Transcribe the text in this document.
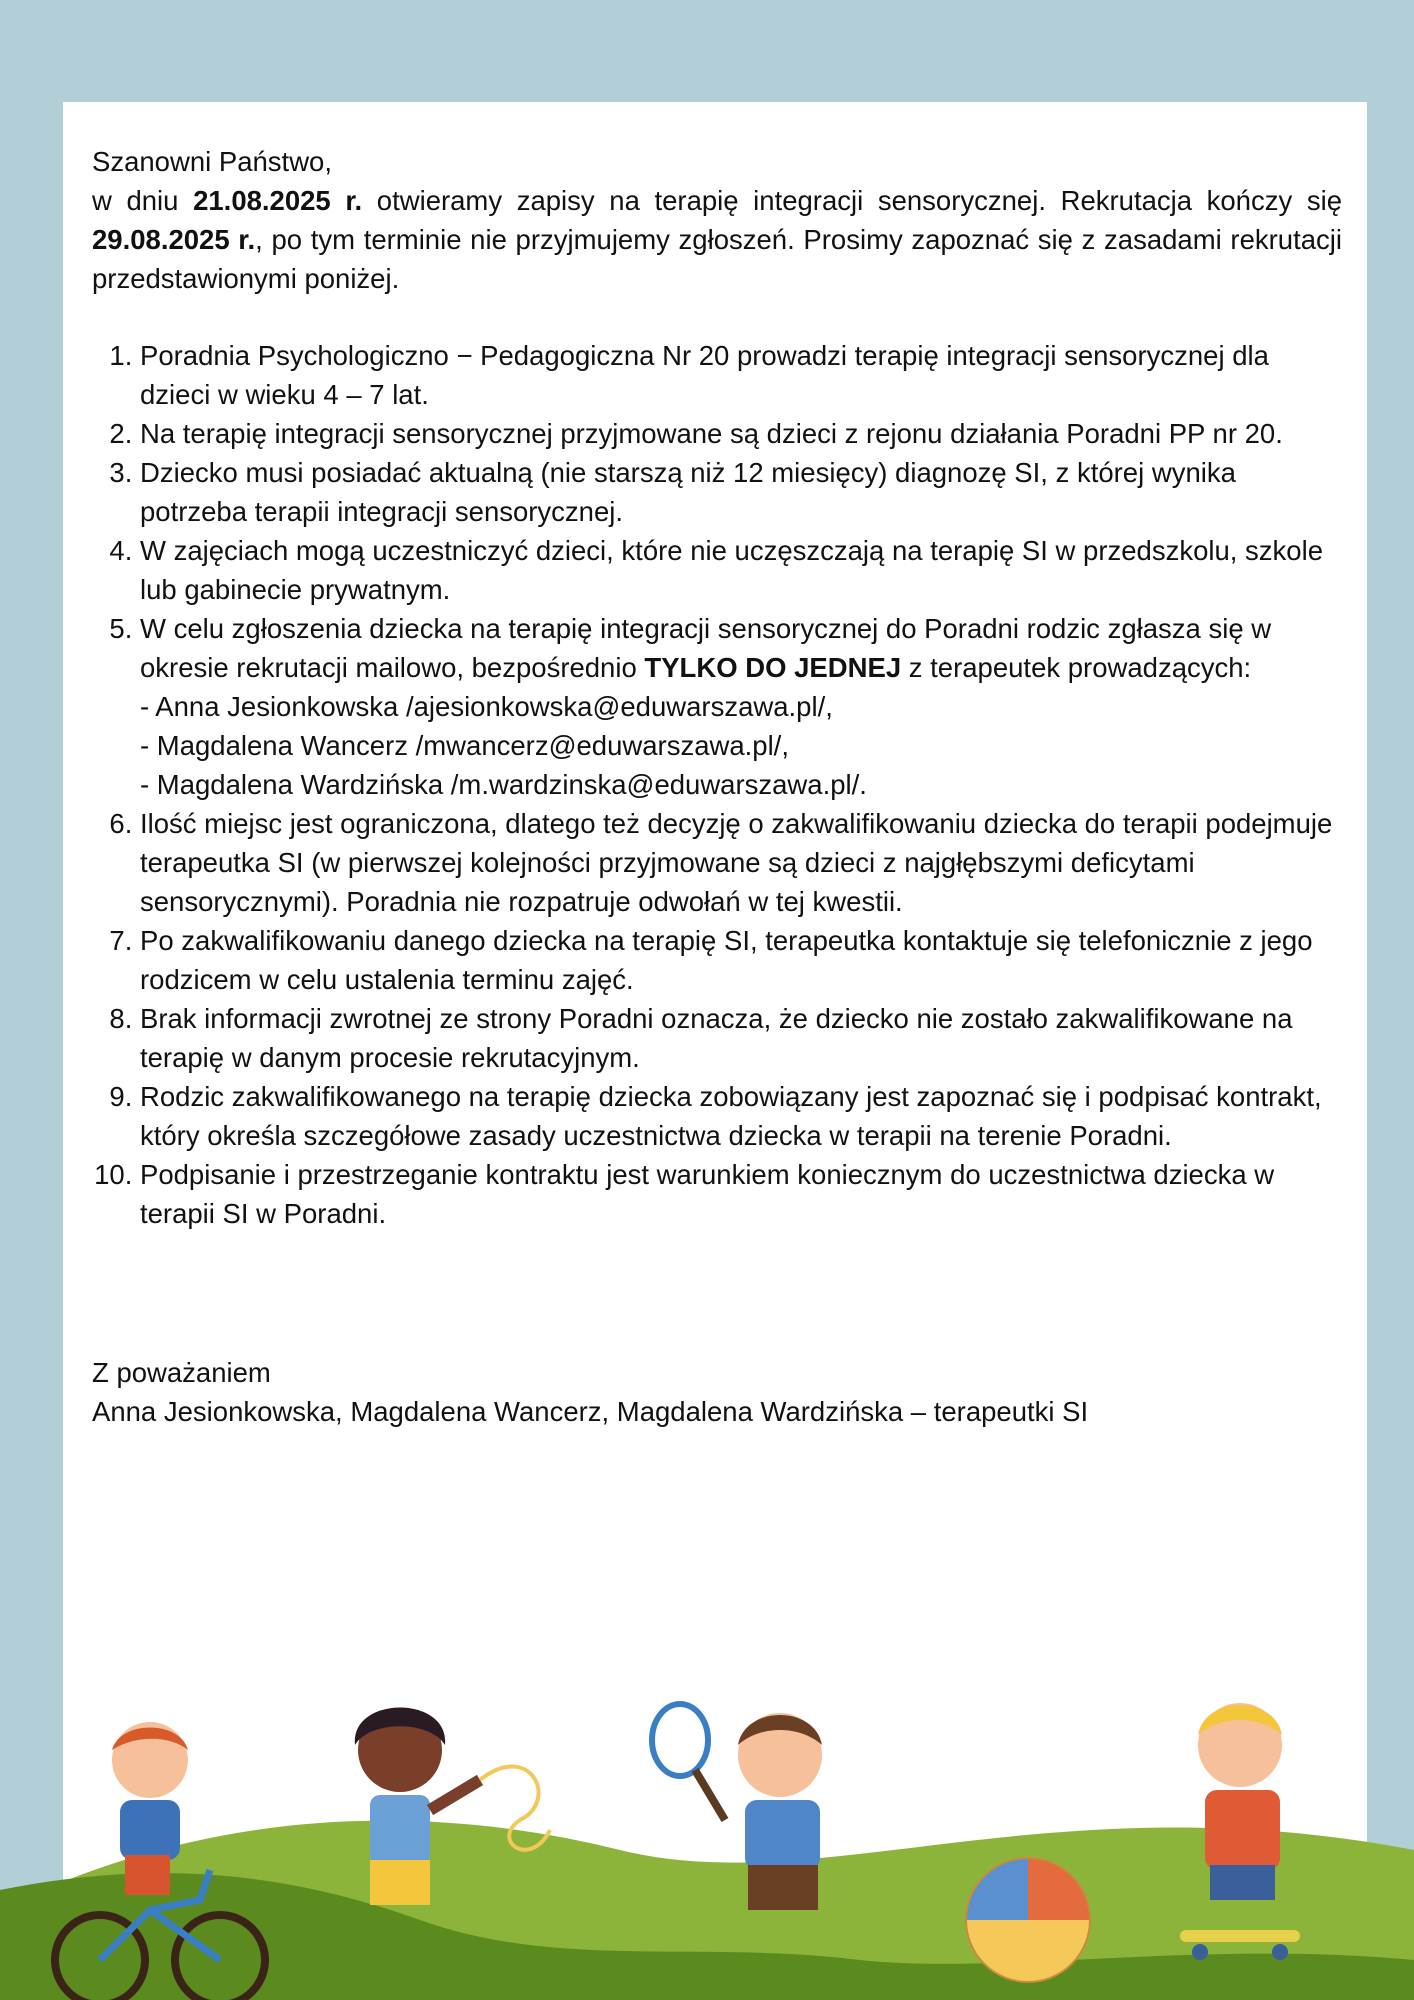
Szanowni Państwo,

w dniu 21.08.2025 r. otwieramy zapisy na terapię integracji sensorycznej. Rekrutacja kończy się 29.08.2025 r., po tym terminie nie przyjmujemy zgłoszeń. Prosimy zapoznać się z zasadami rekrutacji przedstawionymi poniżej.

1. Poradnia Psychologiczno − Pedagogiczna Nr 20 prowadzi terapię integracji sensorycznej dla dzieci w wieku 4 – 7 lat.
2. Na terapię integracji sensorycznej przyjmowane są dzieci z rejonu działania Poradni PP nr 20.
3. Dziecko musi posiadać aktualną (nie starszą niż 12 miesięcy) diagnozę SI, z której wynika potrzeba terapii integracji sensorycznej.
4. W zajęciach mogą uczestniczyć dzieci, które nie uczęszczają na terapię SI w przedszkolu, szkole lub gabinecie prywatnym.
5. W celu zgłoszenia dziecka na terapię integracji sensorycznej do Poradni rodzic zgłasza się w okresie rekrutacji mailowo, bezpośrednio TYLKO DO JEDNEJ z terapeutek prowadzących:
- Anna Jesionkowska /ajesionkowska@eduwarszawa.pl/,
- Magdalena Wancerz /mwancerz@eduwarszawa.pl/,
- Magdalena Wardzińska /m.wardzinska@eduwarszawa.pl/.
6. Ilość miejsc jest ograniczona, dlatego też decyzję o zakwalifikowaniu dziecka do terapii podejmuje terapeutka SI (w pierwszej kolejności przyjmowane są dzieci z najgłębszymi deficytami sensorycznymi). Poradnia nie rozpatruje odwołań w tej kwestii.
7. Po zakwalifikowaniu danego dziecka na terapię SI, terapeutka kontaktuje się telefonicznie z jego rodzicem w celu ustalenia terminu zajęć.
8. Brak informacji zwrotnej ze strony Poradni oznacza, że dziecko nie zostało zakwalifikowane na terapię w danym procesie rekrutacyjnym.
9. Rodzic zakwalifikowanego na terapię dziecka zobowiązany jest zapoznać się i podpisać kontrakt, który określa szczegółowe zasady uczestnictwa dziecka w terapii na terenie Poradni.
10. Podpisanie i przestrzeganie kontraktu jest warunkiem koniecznym do uczestnictwa dziecka w terapii SI w Poradni.

Z poważaniem

Anna Jesionkowska, Magdalena Wancerz, Magdalena Wardzińska – terapeutki SI
